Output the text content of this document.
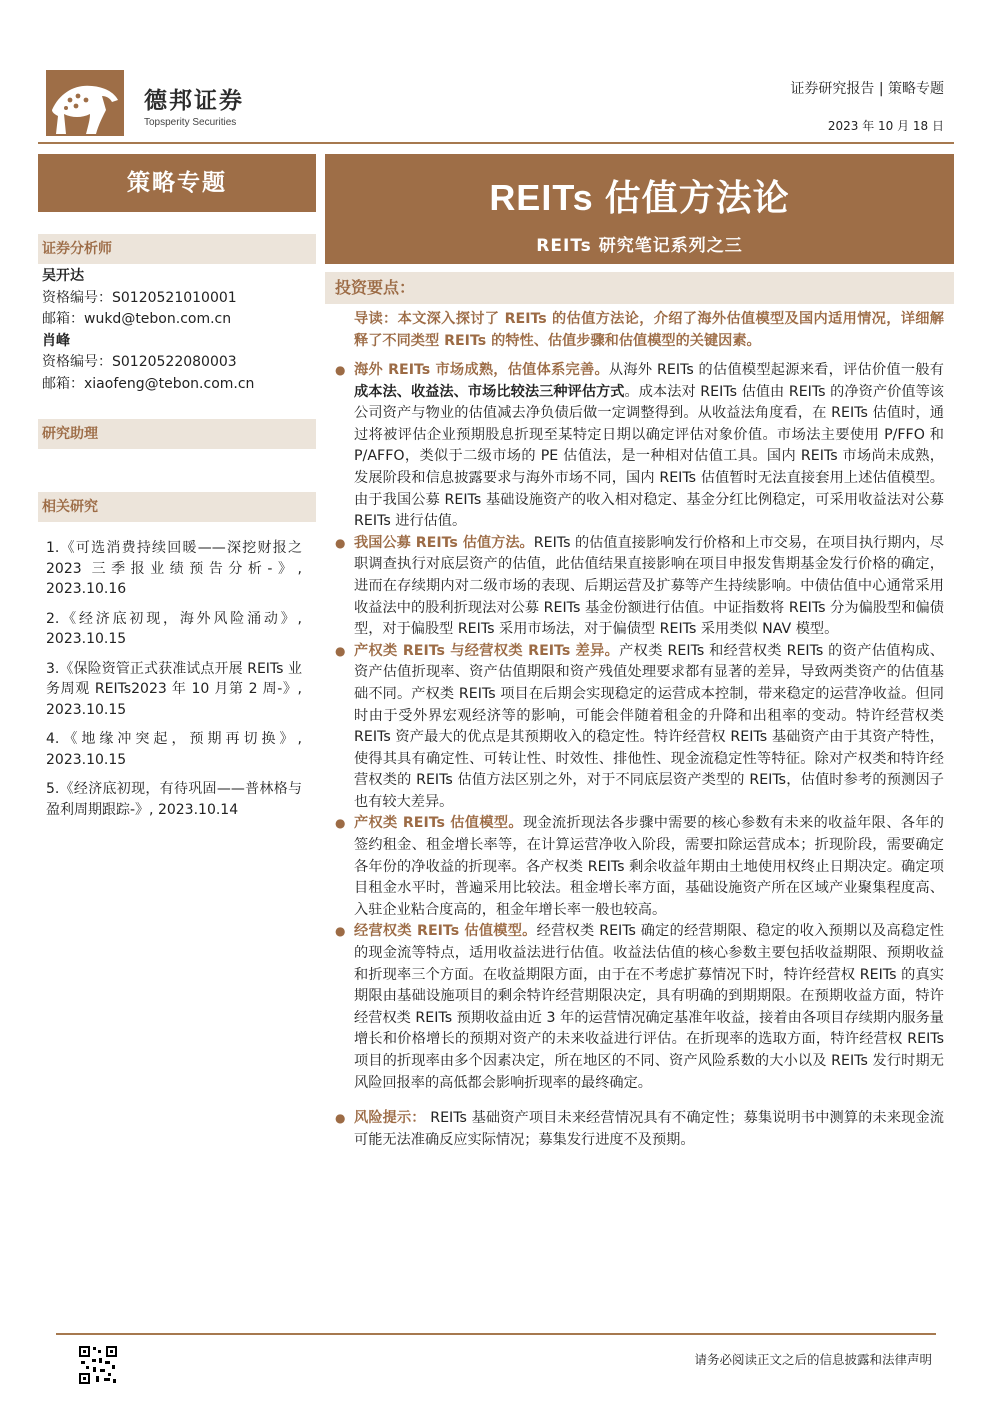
德邦证券
Topsperity Securities
证券研究报告 | 策略专题
2023 年 10 月 18 日
策略专题
证券分析师
吴开达
资格编号：S0120521010001
邮箱：wukd@tebon.com.cn
肖峰
资格编号：S0120522080003
邮箱：xiaofeng@tebon.com.cn
研究助理
相关研究
1.《可选消费持续回暖——深挖财报之 2023 三季报业绩预告分析-》, 2023.10.16
2.《经济底初现，海外风险涌动》, 2023.10.15
3.《保险资管正式获准试点开展 REITs 业务周观 REITs2023 年 10 月第 2 周-》, 2023.10.15
4.《地缘冲突起，预期再切换》, 2023.10.15
5.《经济底初现，有待巩固——普林格与盈利周期跟踪-》, 2023.10.14
REITs 估值方法论
REITs 研究笔记系列之三
投资要点：
导读：本文深入探讨了 REITs 的估值方法论，介绍了海外估值模型及国内适用情况，详细解释了不同类型 REITs 的特性、估值步骤和估值模型的关键因素。
● 海外 REITs 市场成熟，估值体系完善。从海外 REITs 的估值模型起源来看，评估价值一般有成本法、收益法、市场比较法三种评估方式。成本法对 REITs 估值由 REITs 的净资产价值等该公司资产与物业的估值减去净负债后做一定调整得到。从收益法角度看，在 REITs 估值时，通过将被评估企业预期股息折现至某特定日期以确定评估对象价值。市场法主要使用 P/FFO 和 P/AFFO，类似于二级市场的 PE 估值法，是一种相对估值工具。国内 REITs 市场尚未成熟，发展阶段和信息披露要求与海外市场不同，国内 REITs 估值暂时无法直接套用上述估值模型。由于我国公募 REITs 基础设施资产的收入相对稳定、基金分红比例稳定，可采用收益法对公募 REITs 进行估值。
● 我国公募 REITs 估值方法。REITs 的估值直接影响发行价格和上市交易，在项目执行期内，尽职调查执行对底层资产的估值，此估值结果直接影响在项目申报发售期基金发行价格的确定，进而在存续期内对二级市场的表现、后期运营及扩募等产生持续影响。中债估值中心通常采用收益法中的股利折现法对公募 REITs 基金份额进行估值。中证指数将 REITs 分为偏股型和偏债型，对于偏股型 REITs 采用市场法，对于偏债型 REITs 采用类似 NAV 模型。
● 产权类 REITs 与经营权类 REITs 差异。产权类 REITs 和经营权类 REITs 的资产估值构成、资产估值折现率、资产估值期限和资产残值处理要求都有显著的差异，导致两类资产的估值基础不同。产权类 REITs 项目在后期会实现稳定的运营成本控制，带来稳定的运营净收益。但同时由于受外界宏观经济等的影响，可能会伴随着租金的升降和出租率的变动。特许经营权类 REITs 资产最大的优点是其预期收入的稳定性。特许经营权 REITs 基础资产由于其资产特性，使得其具有确定性、可转让性、时效性、排他性、现金流稳定性等特征。除对产权类和特许经营权类的 REITs 估值方法区别之外，对于不同底层资产类型的 REITs，估值时参考的预测因子也有较大差异。
● 产权类 REITs 估值模型。现金流折现法各步骤中需要的核心参数有未来的收益年限、各年的签约租金、租金增长率等，在计算运营净收入阶段，需要扣除运营成本；折现阶段，需要确定各年份的净收益的折现率。各产权类 REITs 剩余收益年期由土地使用权终止日期决定。确定项目租金水平时，普遍采用比较法。租金增长率方面，基础设施资产所在区域产业聚集程度高、入驻企业粘合度高的，租金年增长率一般也较高。
● 经营权类 REITs 估值模型。经营权类 REITs 确定的经营期限、稳定的收入预期以及高稳定性的现金流等特点，适用收益法进行估值。收益法估值的核心参数主要包括收益期限、预期收益和折现率三个方面。在收益期限方面，由于在不考虑扩募情况下时，特许经营权 REITs 的真实期限由基础设施项目的剩余特许经营期限决定，具有明确的到期期限。在预期收益方面，特许经营权类 REITs 预期收益由近 3 年的运营情况确定基准年收益，接着由各项目存续期内服务量增长和价格增长的预期对资产的未来收益进行评估。在折现率的选取方面，特许经营权 REITs 项目的折现率由多个因素决定，所在地区的不同、资产风险系数的大小以及 REITs 发行时期无风险回报率的高低都会影响折现率的最终确定。
● 风险提示： REITs 基础资产项目未来经营情况具有不确定性；募集说明书中测算的未来现金流可能无法准确反应实际情况；募集发行进度不及预期。
请务必阅读正文之后的信息披露和法律声明
